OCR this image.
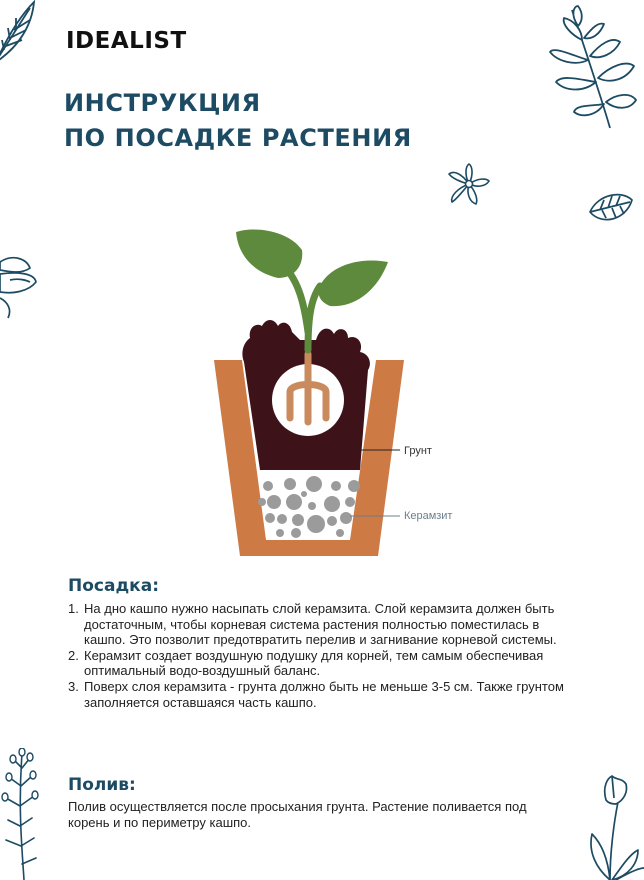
IDEALIST
ИНСТРУКЦИЯ
ПО ПОСАДКЕ РАСТЕНИЯ
Грунт
Керамзит
Посадка:
1. На дно кашпо нужно насыпать слой керамзита. Слой керамзита должен быть достаточным, чтобы корневая система растения полностью поместилась в кашпо. Это позволит предотвратить перелив и загнивание корневой системы.
2. Керамзит создает воздушную подушку для корней, тем самым обеспечивая оптимальный водо-воздушный баланс.
3. Поверх слоя керамзита - грунта должно быть не меньше 3-5 см. Также грунтом заполняется оставшаяся часть кашпо.
Полив:

Полив осуществляется после просыхания грунта. Растение поливается под корень и по периметру кашпо.
